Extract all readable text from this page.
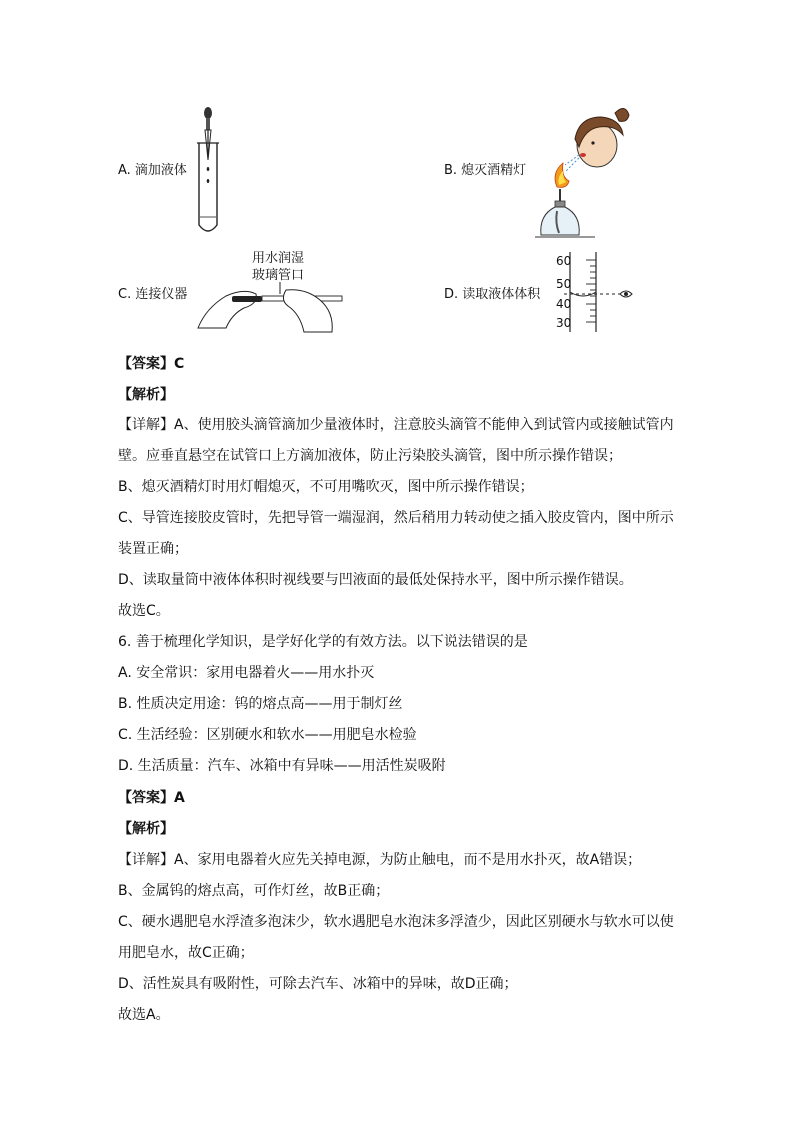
A. 滴加液体	B. 熄灭酒精灯
C. 连接仪器
用水润湿
玻璃管口
D. 读取液体体积
60
50
40
30
【答案】C
【解析】
【详解】A、使用胶头滴管滴加少量液体时，注意胶头滴管不能伸入到试管内或接触试管内
壁。应垂直悬空在试管口上方滴加液体，防止污染胶头滴管，图中所示操作错误；
B、熄灭酒精灯时用灯帽熄灭，不可用嘴吹灭，图中所示操作错误；
C、导管连接胶皮管时，先把导管一端湿润，然后稍用力转动使之插入胶皮管内，图中所示
装置正确；
D、读取量筒中液体体积时视线要与凹液面的最低处保持水平，图中所示操作错误。
故选C。
6. 善于梳理化学知识，是学好化学的有效方法。以下说法错误的是
A. 安全常识：家用电器着火——用水扑灭
B. 性质决定用途：钨的熔点高——用于制灯丝
C. 生活经验：区别硬水和软水——用肥皂水检验
D. 生活质量：汽车、冰箱中有异味——用活性炭吸附
【答案】A
【解析】
【详解】A、家用电器着火应先关掉电源，为防止触电，而不是用水扑灭，故A错误；
B、金属钨的熔点高，可作灯丝，故B正确；
C、硬水遇肥皂水浮渣多泡沫少，软水遇肥皂水泡沫多浮渣少，因此区别硬水与软水可以使
用肥皂水，故C正确；
D、活性炭具有吸附性，可除去汽车、冰箱中的异味，故D正确；
故选A。
